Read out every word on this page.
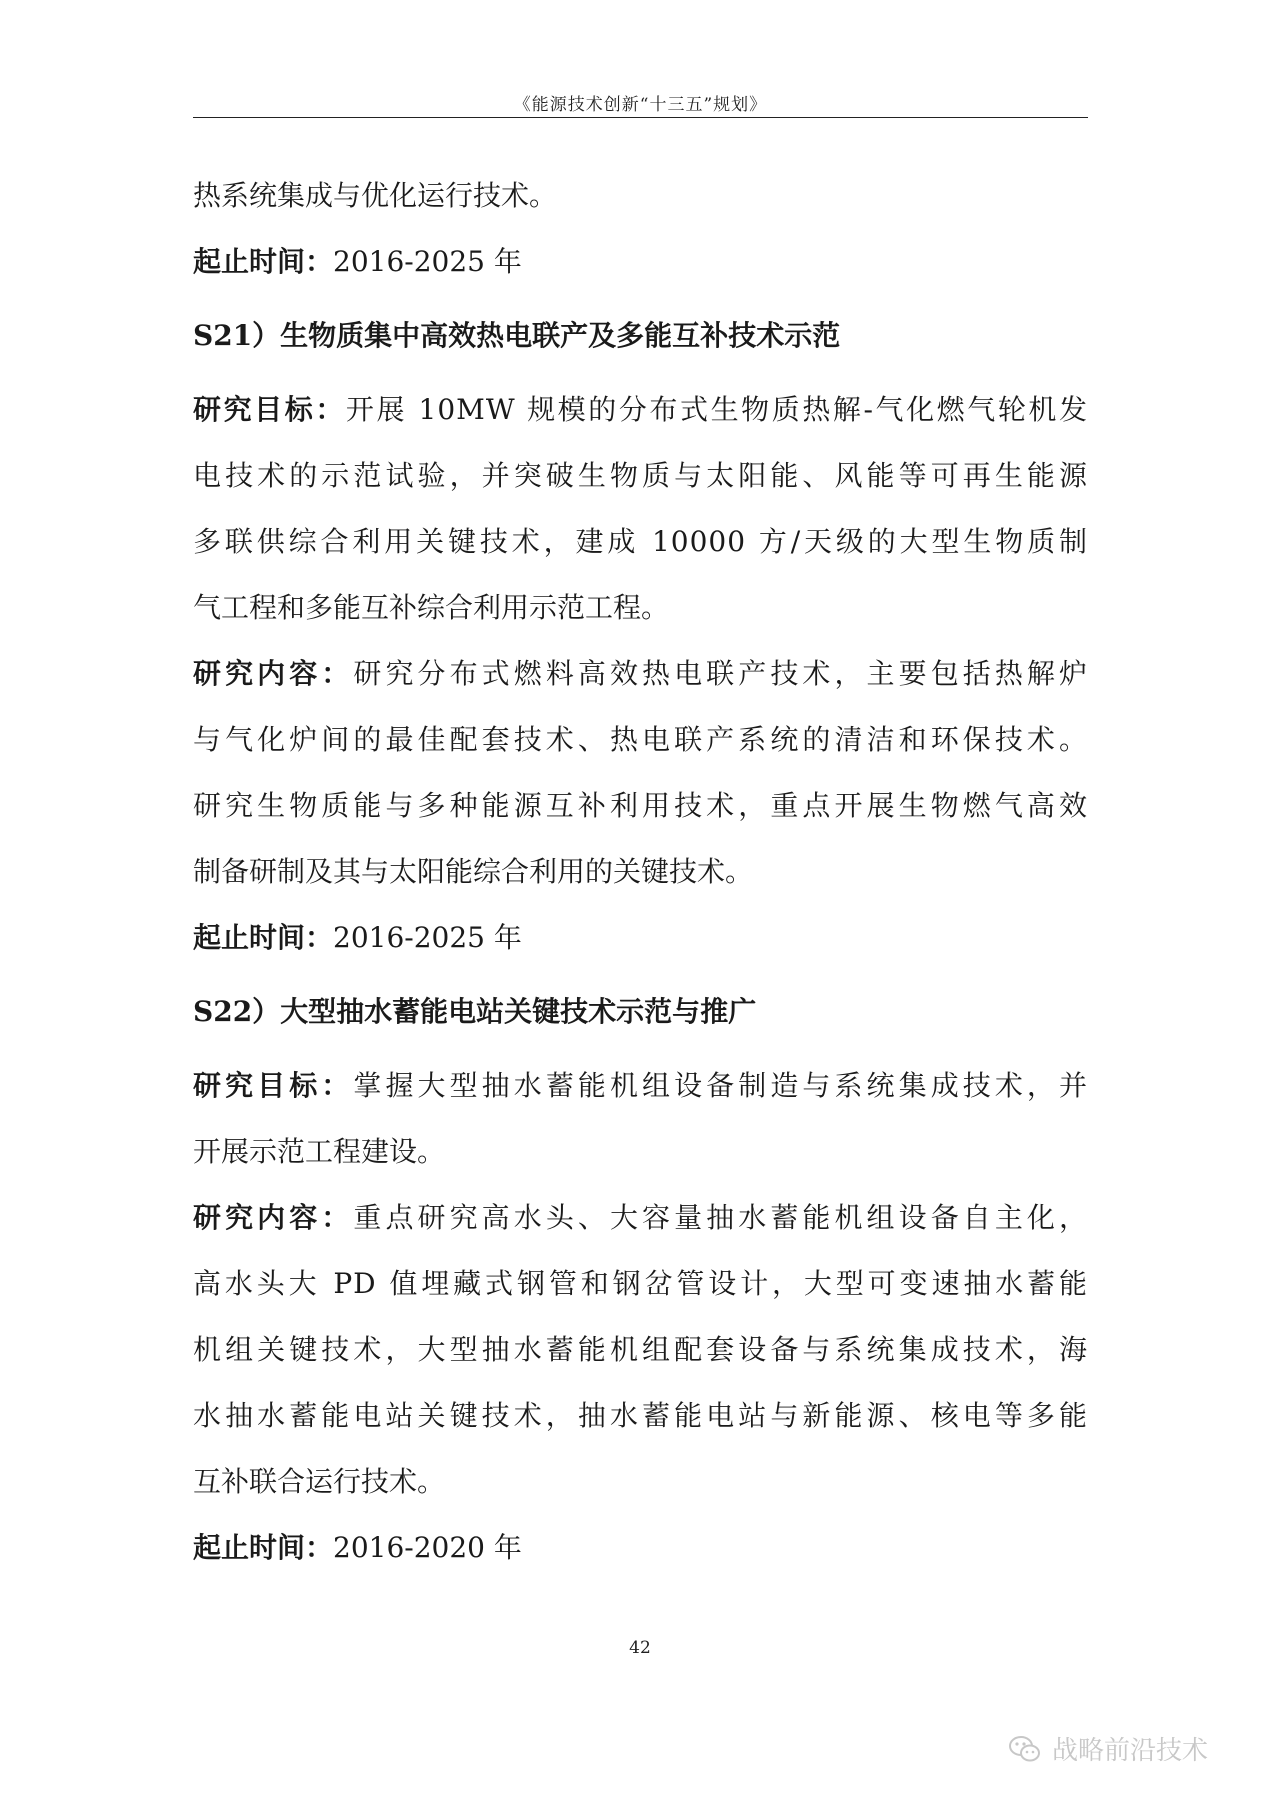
《能源技术创新“十三五”规划》
热系统集成与优化运行技术。
起止时间：2016-2025 年
S21）生物质集中高效热电联产及多能互补技术示范
研究目标：开展 10MW 规模的分布式生物质热解-气化燃气轮机发
电技术的示范试验，并突破生物质与太阳能、风能等可再生能源
多联供综合利用关键技术，建成 10000 方/天级的大型生物质制
气工程和多能互补综合利用示范工程。
研究内容：研究分布式燃料高效热电联产技术，主要包括热解炉
与气化炉间的最佳配套技术、热电联产系统的清洁和环保技术。
研究生物质能与多种能源互补利用技术，重点开展生物燃气高效
制备研制及其与太阳能综合利用的关键技术。
起止时间：2016-2025 年
S22）大型抽水蓄能电站关键技术示范与推广
研究目标：掌握大型抽水蓄能机组设备制造与系统集成技术，并
开展示范工程建设。
研究内容：重点研究高水头、大容量抽水蓄能机组设备自主化，
高水头大 PD 值埋藏式钢管和钢岔管设计，大型可变速抽水蓄能
机组关键技术，大型抽水蓄能机组配套设备与系统集成技术，海
水抽水蓄能电站关键技术，抽水蓄能电站与新能源、核电等多能
互补联合运行技术。
起止时间：2016-2020 年
42
战略前沿技术
